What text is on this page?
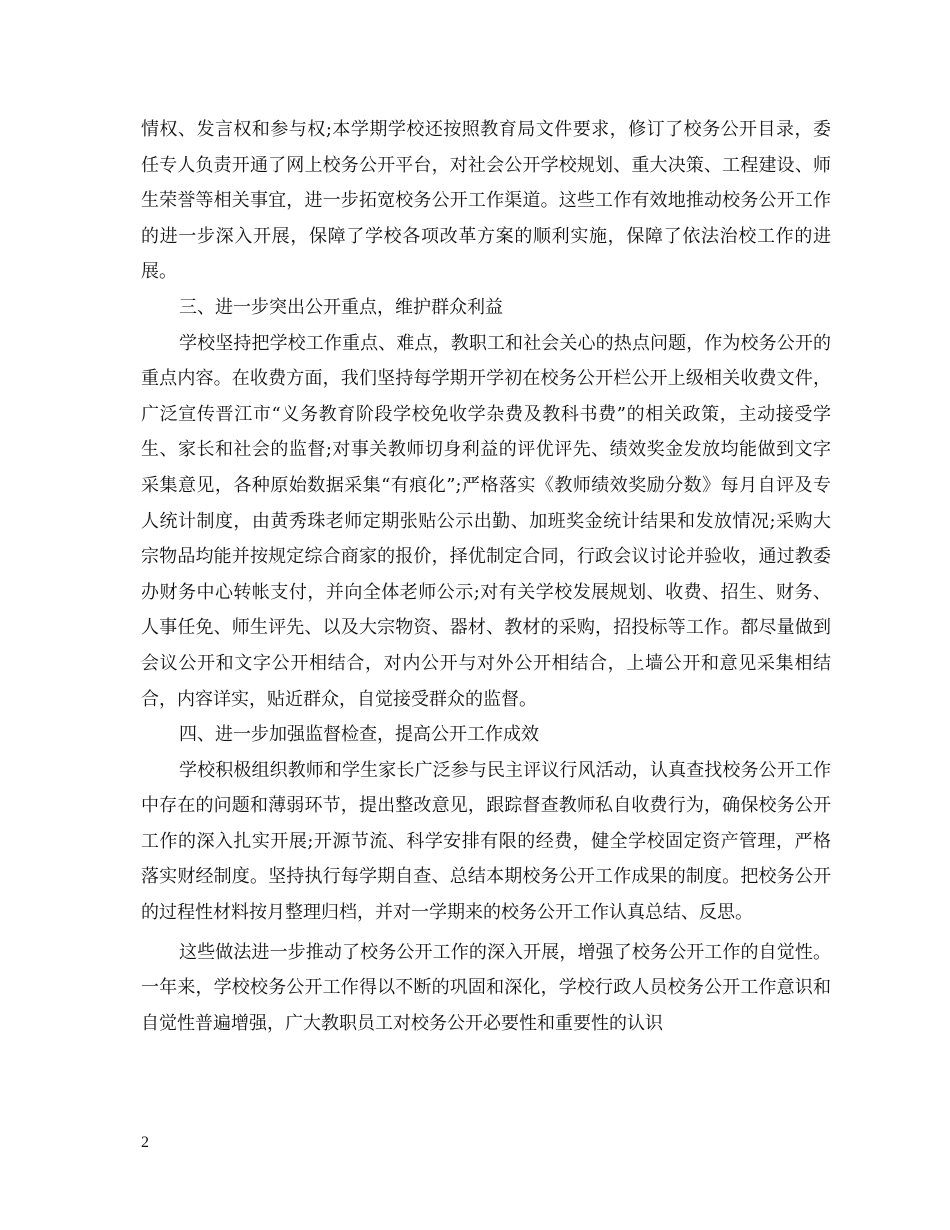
情权、发言权和参与权;本学期学校还按照教育局文件要求，修订了校务公开目录，委任专人负责开通了网上校务公开平台，对社会公开学校规划、重大决策、工程建设、师生荣誉等相关事宜，进一步拓宽校务公开工作渠道。这些工作有效地推动校务公开工作的进一步深入开展，保障了学校各项改革方案的顺利实施，保障了依法治校工作的进展。

三、进一步突出公开重点，维护群众利益

学校坚持把学校工作重点、难点，教职工和社会关心的热点问题，作为校务公开的重点内容。在收费方面，我们坚持每学期开学初在校务公开栏公开上级相关收费文件，广泛宣传晋江市“义务教育阶段学校免收学杂费及教科书费”的相关政策，主动接受学生、家长和社会的监督;对事关教师切身利益的评优评先、绩效奖金发放均能做到文字采集意见，各种原始数据采集“有痕化”;严格落实《教师绩效奖励分数》每月自评及专人统计制度，由黄秀珠老师定期张贴公示出勤、加班奖金统计结果和发放情况;采购大宗物品均能并按规定综合商家的报价，择优制定合同，行政会议讨论并验收，通过教委办财务中心转帐支付，并向全体老师公示;对有关学校发展规划、收费、招生、财务、人事任免、师生评先、以及大宗物资、器材、教材的采购，招投标等工作。都尽量做到会议公开和文字公开相结合，对内公开与对外公开相结合，上墙公开和意见采集相结合，内容详实，贴近群众，自觉接受群众的监督。

四、进一步加强监督检查，提高公开工作成效

学校积极组织教师和学生家长广泛参与民主评议行风活动，认真查找校务公开工作中存在的问题和薄弱环节，提出整改意见，跟踪督查教师私自收费行为，确保校务公开工作的深入扎实开展;开源节流、科学安排有限的经费，健全学校固定资产管理，严格落实财经制度。坚持执行每学期自查、总结本期校务公开工作成果的制度。把校务公开的过程性材料按月整理归档，并对一学期来的校务公开工作认真总结、反思。

这些做法进一步推动了校务公开工作的深入开展，增强了校务公开工作的自觉性。一年来，学校校务公开工作得以不断的巩固和深化，学校行政人员校务公开工作意识和自觉性普遍增强，广大教职员工对校务公开必要性和重要性的认识

2
